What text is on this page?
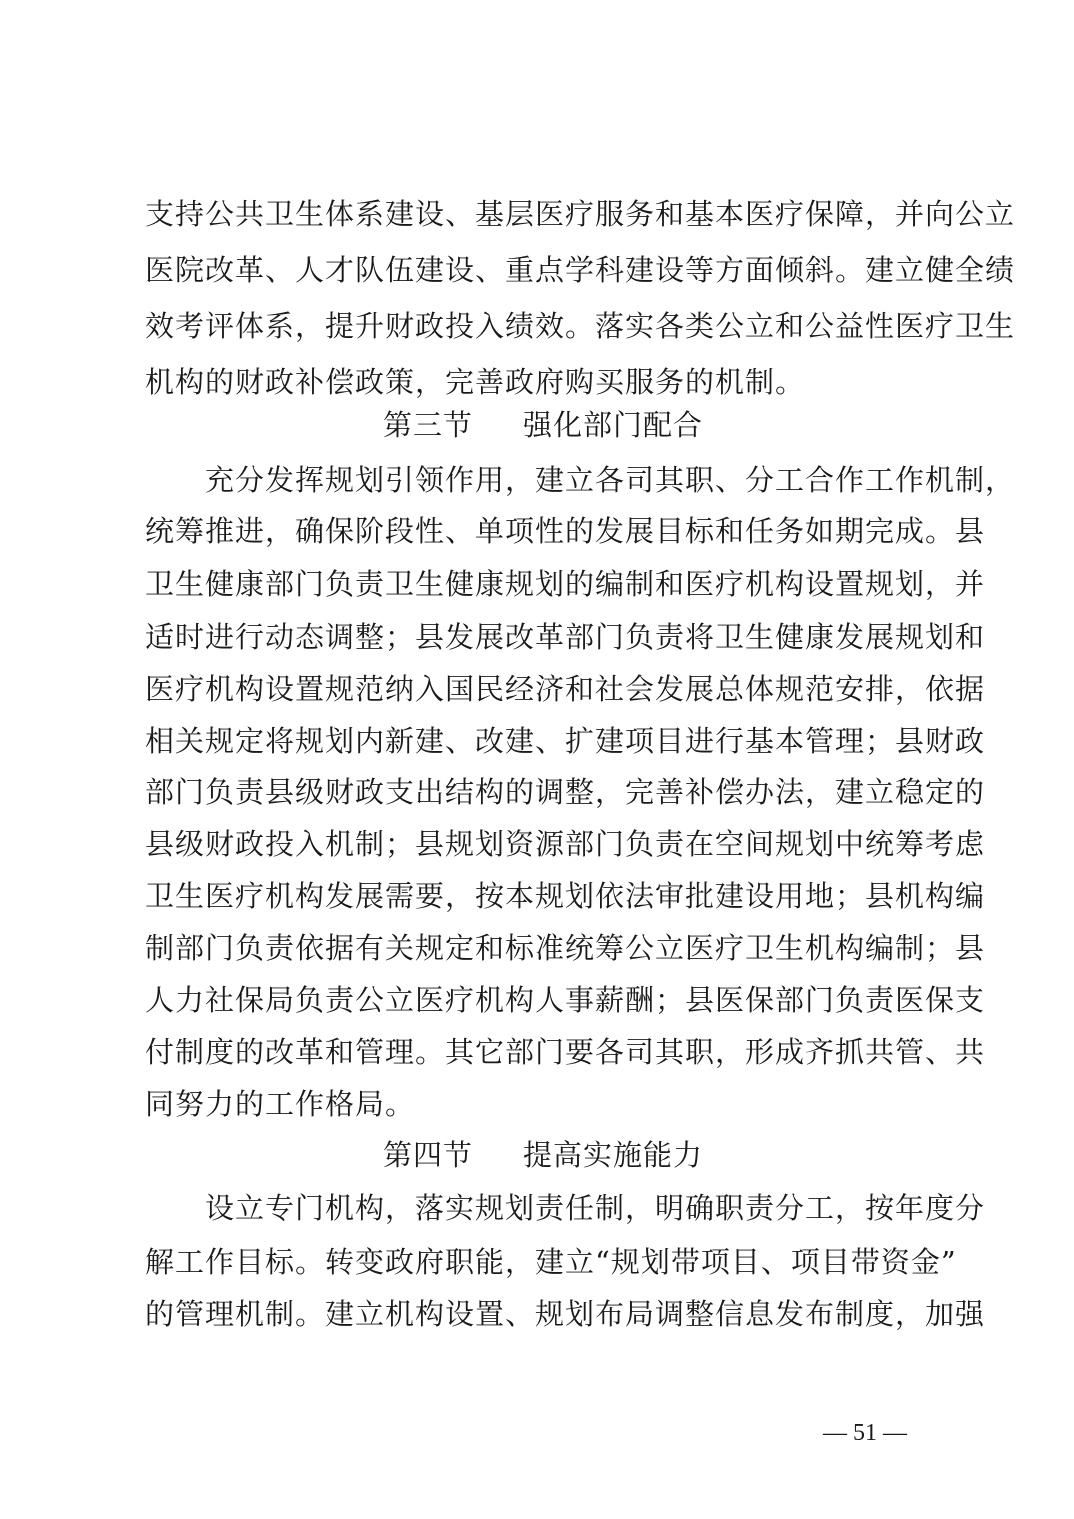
支持公共卫生体系建设、基层医疗服务和基本医疗保障，并向公立
医院改革、人才队伍建设、重点学科建设等方面倾斜。建立健全绩
效考评体系，提升财政投入绩效。落实各类公立和公益性医疗卫生
机构的财政补偿政策，完善政府购买服务的机制。
第三节 强化部门配合
充分发挥规划引领作用，建立各司其职、分工合作工作机制，
统筹推进，确保阶段性、单项性的发展目标和任务如期完成。县
卫生健康部门负责卫生健康规划的编制和医疗机构设置规划，并
适时进行动态调整；县发展改革部门负责将卫生健康发展规划和
医疗机构设置规范纳入国民经济和社会发展总体规范安排，依据
相关规定将规划内新建、改建、扩建项目进行基本管理；县财政
部门负责县级财政支出结构的调整，完善补偿办法，建立稳定的
县级财政投入机制；县规划资源部门负责在空间规划中统筹考虑
卫生医疗机构发展需要，按本规划依法审批建设用地；县机构编
制部门负责依据有关规定和标准统筹公立医疗卫生机构编制；县
人力社保局负责公立医疗机构人事薪酬；县医保部门负责医保支
付制度的改革和管理。其它部门要各司其职，形成齐抓共管、共
同努力的工作格局。
第四节 提高实施能力
设立专门机构，落实规划责任制，明确职责分工，按年度分
解工作目标。转变政府职能，建立“规划带项目、项目带资金”
的管理机制。建立机构设置、规划布局调整信息发布制度，加强
— 51 —
